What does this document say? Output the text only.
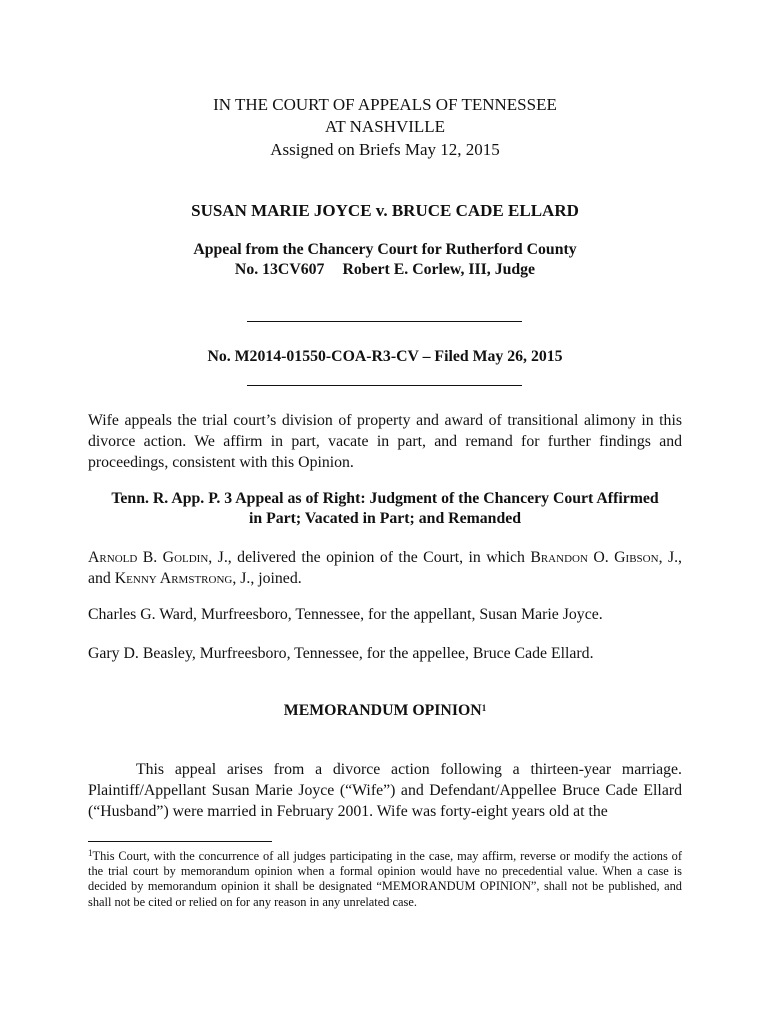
IN THE COURT OF APPEALS OF TENNESSEE
AT NASHVILLE
Assigned on Briefs May 12, 2015
SUSAN MARIE JOYCE v. BRUCE CADE ELLARD
Appeal from the Chancery Court for Rutherford County
No. 13CV607 Robert E. Corlew, III, Judge
No. M2014-01550-COA-R3-CV – Filed May 26, 2015
Wife appeals the trial court’s division of property and award of transitional alimony in this divorce action. We affirm in part, vacate in part, and remand for further findings and proceedings, consistent with this Opinion.
Tenn. R. App. P. 3 Appeal as of Right: Judgment of the Chancery Court Affirmed
in Part; Vacated in Part; and Remanded
Arnold B. Goldin, J., delivered the opinion of the Court, in which Brandon O. Gibson, J., and Kenny Armstrong, J., joined.
Charles G. Ward, Murfreesboro, Tennessee, for the appellant, Susan Marie Joyce.
Gary D. Beasley, Murfreesboro, Tennessee, for the appellee, Bruce Cade Ellard.
MEMORANDUM OPINION$^1$
This appeal arises from a divorce action following a thirteen-year marriage. Plaintiff/Appellant Susan Marie Joyce (“Wife”) and Defendant/Appellee Bruce Cade Ellard (“Husband”) were married in February 2001. Wife was forty-eight years old at the
$^1$This Court, with the concurrence of all judges participating in the case, may affirm, reverse or modify the actions of the trial court by memorandum opinion when a formal opinion would have no precedential value. When a case is decided by memorandum opinion it shall be designated “MEMORANDUM OPINION”, shall not be published, and shall not be cited or relied on for any reason in any unrelated case.
